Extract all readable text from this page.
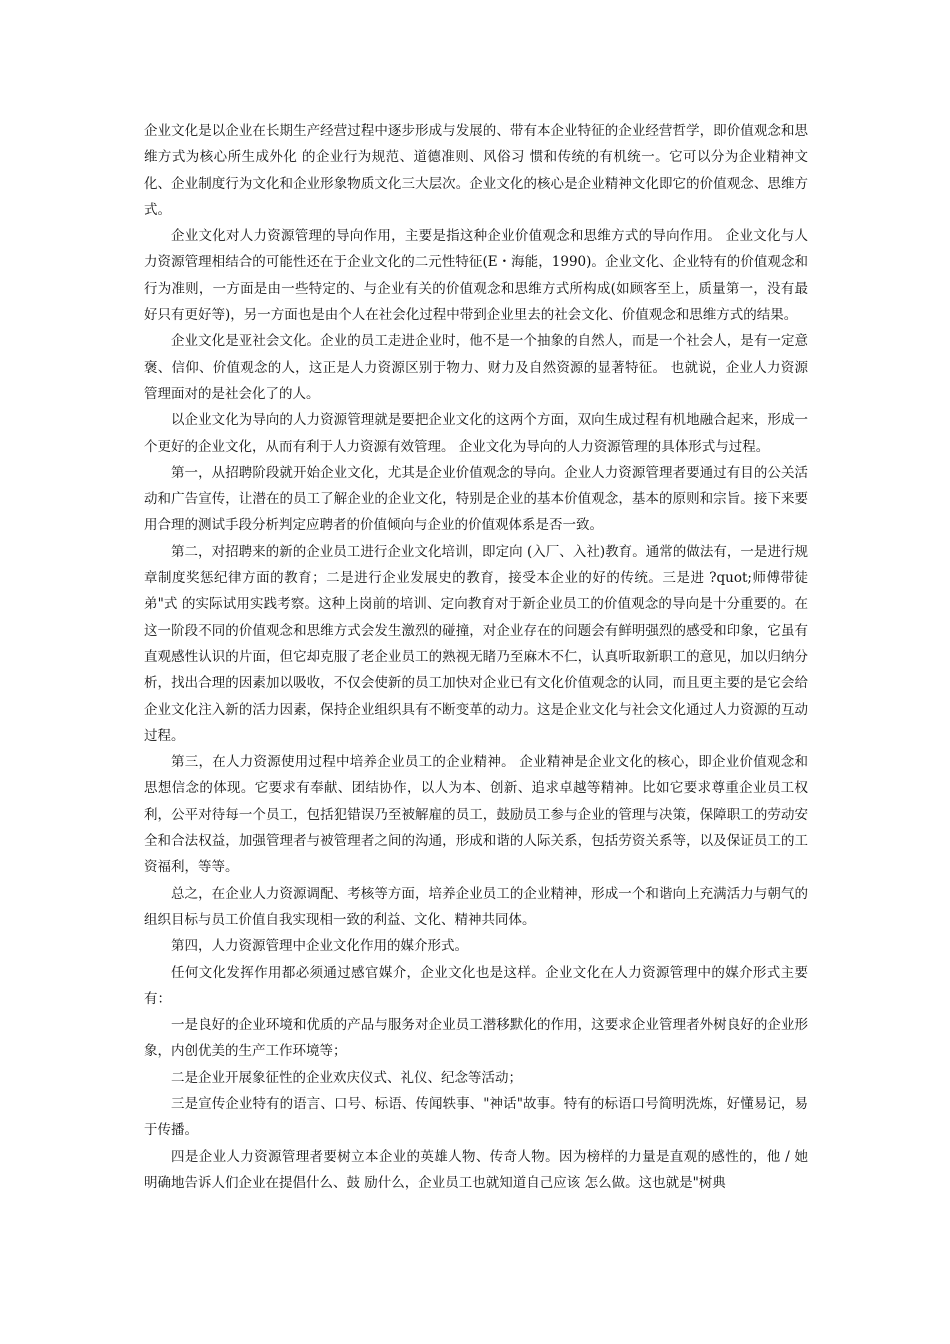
企业文化是以企业在长期生产经营过程中逐步形成与发展的、带有本企业特征的企业经营哲学，即价值观念和思维方式为核心所生成外化 的企业行为规范、道德准则、风俗习 惯和传统的有机统一。它可以分为企业精神文化、企业制度行为文化和企业形象物质文化三大层次。企业文化的核心是企业精神文化即它的价值观念、思维方式。

企业文化对人力资源管理的导向作用，主要是指这种企业价值观念和思维方式的导向作用。 企业文化与人力资源管理相结合的可能性还在于企业文化的二元性特征(E・海能，1990)。企业文化、企业特有的价值观念和行为准则，一方面是由一些特定的、与企业有关的价值观念和思维方式所构成(如顾客至上，质量第一，没有最好只有更好等)，另一方面也是由个人在社会化过程中带到企业里去的社会文化、价值观念和思维方式的结果。

企业文化是亚社会文化。企业的员工走进企业时，他不是一个抽象的自然人，而是一个社会人，是有一定意褒、信仰、价值观念的人，这正是人力资源区别于物力、财力及自然资源的显著特征。 也就说，企业人力资源管理面对的是社会化了的人。

以企业文化为导向的人力资源管理就是要把企业文化的这两个方面，双向生成过程有机地融合起来，形成一个更好的企业文化，从而有利于人力资源有效管理。 企业文化为导向的人力资源管理的具体形式与过程。

第一，从招聘阶段就开始企业文化，尤其是企业价值观念的导向。企业人力资源管理者要通过有目的公关活动和广告宣传，让潜在的员工了解企业的企业文化，特别是企业的基本价值观念，基本的原则和宗旨。接下来要用合理的测试手段分析判定应聘者的价值倾向与企业的价值观体系是否一致。

第二，对招聘来的新的企业员工进行企业文化培训，即定向 (入厂、入社)教育。通常的做法有，一是进行规章制度奖惩纪律方面的教育；二是进行企业发展史的教育，接受本企业的好的传统。三是进 ?quot;师傅带徒弟"式 的实际试用实践考察。这种上岗前的培训、定向教育对于新企业员工的价值观念的导向是十分重要的。在这一阶段不同的价值观念和思维方式会发生激烈的碰撞，对企业存在的问题会有鲜明强烈的感受和印象，它虽有直观感性认识的片面，但它却克服了老企业员工的熟视无睹乃至麻木不仁，认真听取新职工的意见，加以归纳分析，找出合理的因素加以吸收，不仅会使新的员工加快对企业已有文化价值观念的认同，而且更主要的是它会给企业文化注入新的活力因素，保持企业组织具有不断变革的动力。这是企业文化与社会文化通过人力资源的互动过程。

第三，在人力资源使用过程中培养企业员工的企业精神。 企业精神是企业文化的核心，即企业价值观念和 思想信念的体现。它要求有奉献、团结协作，以人为本、创新、追求卓越等精神。比如它要求尊重企业员工权利，公平对待每一个员工，包括犯错误乃至被解雇的员工，鼓励员工参与企业的管理与决策，保障职工的劳动安全和合法权益，加强管理者与被管理者之间的沟通，形成和谐的人际关系，包括劳资关系等，以及保证员工的工资福利，等等。

总之，在企业人力资源调配、考核等方面，培养企业员工的企业精神，形成一个和谐向上充满活力与朝气的组织目标与员工价值自我实现相一致的利益、文化、精神共同体。

第四，人力资源管理中企业文化作用的媒介形式。

任何文化发挥作用都必须通过感官媒介，企业文化也是这样。企业文化在人力资源管理中的媒介形式主要有：

一是良好的企业环境和优质的产品与服务对企业员工潜移默化的作用，这要求企业管理者外树良好的企业形象，内创优美的生产工作环境等；

二是企业开展象征性的企业欢庆仪式、礼仪、纪念等活动；

三是宣传企业特有的语言、口号、标语、传闻轶事、"神话"故事。特有的标语口号简明洗炼，好懂易记，易于传播。

四是企业人力资源管理者要树立本企业的英雄人物、传奇人物。因为榜样的力量是直观的感性的，他 / 她 明确地告诉人们企业在提倡什么、鼓 励什么，企业员工也就知道自己应该 怎么做。这也就是"树典
